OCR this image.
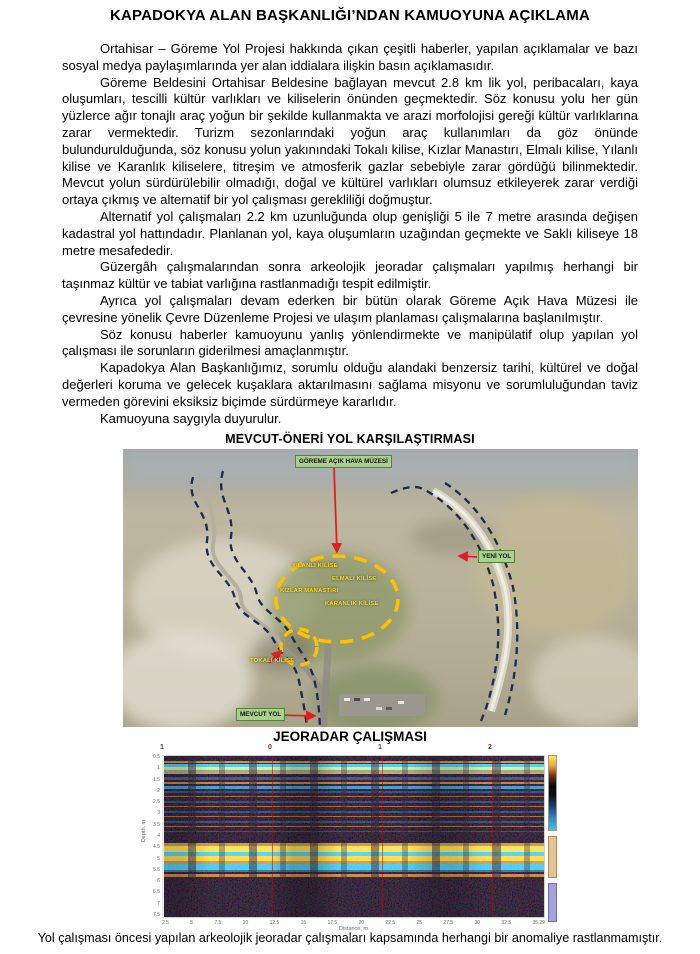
KAPADOKYA ALAN BAŞKANLIĞI’NDAN KAMUOYUNA AÇIKLAMA

Ortahisar – Göreme Yol Projesi hakkında çıkan çeşitli haberler, yapılan açıklamalar ve bazı sosyal medya paylaşımlarında yer alan iddialara ilişkin basın açıklamasıdır.

Göreme Beldesini Ortahisar Beldesine bağlayan mevcut 2.8 km lik yol, peribacaları, kaya oluşumları, tescilli kültür varlıkları ve kiliselerin önünden geçmektedir. Söz konusu yolu her gün yüzlerce ağır tonajlı araç yoğun bir şekilde kullanmakta ve arazi morfolojisi gereği kültür varlıklarına zarar vermektedir. Turizm sezonlarındaki yoğun araç kullanımları da göz önünde bulundurulduğunda, söz konusu yolun yakınındaki Tokalı kilise, Kızlar Manastırı, Elmalı kilise, Yılanlı kilise ve Karanlık kiliselere, titreşim ve atmosferik gazlar sebebiyle zarar gördüğü bilinmektedir. Mevcut yolun sürdürülebilir olmadığı, doğal ve kültürel varlıkları olumsuz etkileyerek zarar verdiği ortaya çıkmış ve alternatif bir yol çalışması gerekliliği doğmuştur.

Alternatif yol çalışmaları 2.2 km uzunluğunda olup genişliği 5 ile 7 metre arasında değişen kadastral yol hattındadır. Planlanan yol, kaya oluşumların uzağından geçmekte ve Saklı kiliseye 18 metre mesafededir.

Güzergâh çalışmalarından sonra arkeolojik jeoradar çalışmaları yapılmış herhangi bir taşınmaz kültür ve tabiat varlığına rastlanmadığı tespit edilmiştir.

Ayrıca yol çalışmaları devam ederken bir bütün olarak Göreme Açık Hava Müzesi ile çevresine yönelik Çevre Düzenleme Projesi ve ulaşım planlaması çalışmalarına başlanılmıştır.

Söz konusu haberler kamuoyunu yanlış yönlendirmekte ve manipülatif olup yapılan yol çalışması ile sorunların giderilmesi amaçlanmıştır.

Kapadokya Alan Başkanlığımız, sorumlu olduğu alandaki benzersiz tarihi, kültürel ve doğal değerleri koruma ve gelecek kuşaklara aktarılmasını sağlama misyonu ve sorumluluğundan taviz vermeden görevini eksiksiz biçimde sürdürmeye kararlıdır.

Kamuoyuna saygıyla duyurulur.

MEVCUT-ÖNERİ YOL KARŞILAŞTIRMASI
GÖREME AÇIK HAVA MÜZESİ
YENİ YOL
MEVCUT YOL
YILANLI KİLİSE
ELMALI KİLİSE
KIZLAR MANASTIRI
KARANLIK KİLİSE
TOKALI KİLİSE
JEORADAR ÇALIŞMASI
1	0	1	2
Depth, m
0.5
1
1.5
2
2.5
3
3.5
4
4.5
5
5.5
6
6.5
7
7.5
2.5	5	7.5	10	12.5	15	17.5	20	22.5	25	27.5	30	32.5	35.29
Distance, m
Yol çalışması öncesi yapılan arkeolojik jeoradar çalışmaları kapsamında herhangi bir anomaliye rastlanmamıştır.
